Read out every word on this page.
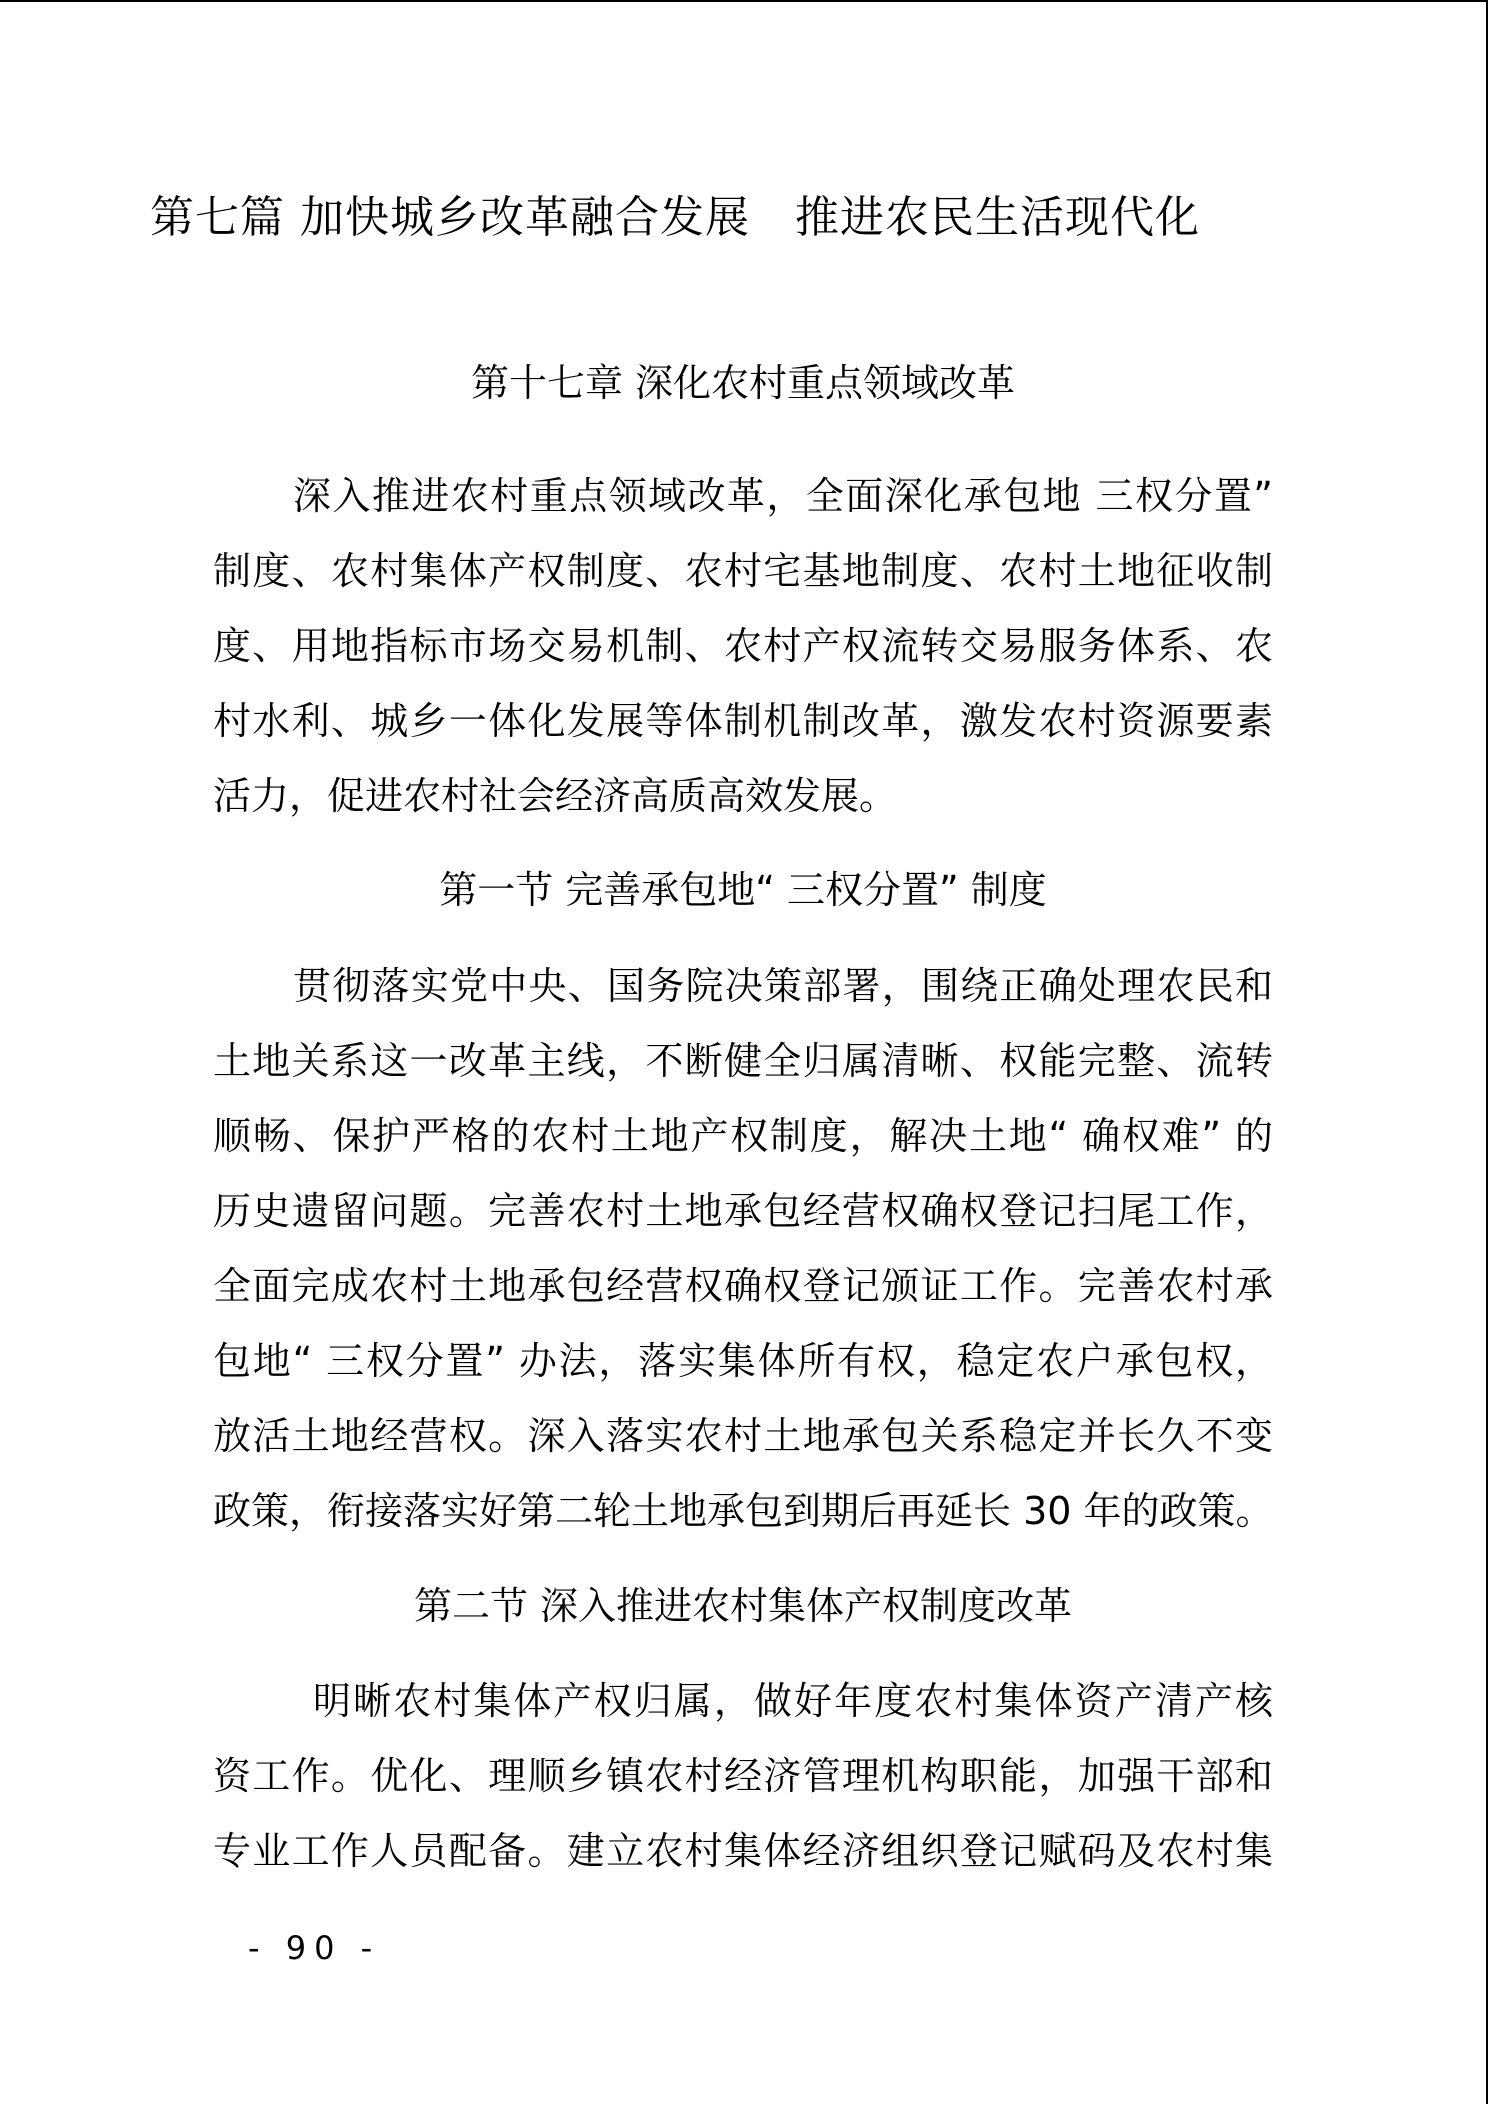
第七篇 加快城乡改革融合发展　推进农民生活现代化
第十七章 深化农村重点领域改革
深入推进农村重点领域改革，全面深化承包地 三权分置”
制度、农村集体产权制度、农村宅基地制度、农村土地征收制
度、用地指标市场交易机制、农村产权流转交易服务体系、农
村水利、城乡一体化发展等体制机制改革，激发农村资源要素
活力，促进农村社会经济高质高效发展。
第一节 完善承包地“ 三权分置” 制度
贯彻落实党中央、国务院决策部署，围绕正确处理农民和
土地关系这一改革主线，不断健全归属清晰、权能完整、流转
顺畅、保护严格的农村土地产权制度，解决土地“ 确权难” 的
历史遗留问题。完善农村土地承包经营权确权登记扫尾工作，
全面完成农村土地承包经营权确权登记颁证工作。完善农村承
包地“ 三权分置” 办法，落实集体所有权，稳定农户承包权，
放活土地经营权。深入落实农村土地承包关系稳定并长久不变
政策，衔接落实好第二轮土地承包到期后再延长 30 年的政策。
第二节 深入推进农村集体产权制度改革
明晰农村集体产权归属，做好年度农村集体资产清产核
资工作。优化、理顺乡镇农村经济管理机构职能，加强干部和
专业工作人员配备。建立农村集体经济组织登记赋码及农村集
- 90 -
